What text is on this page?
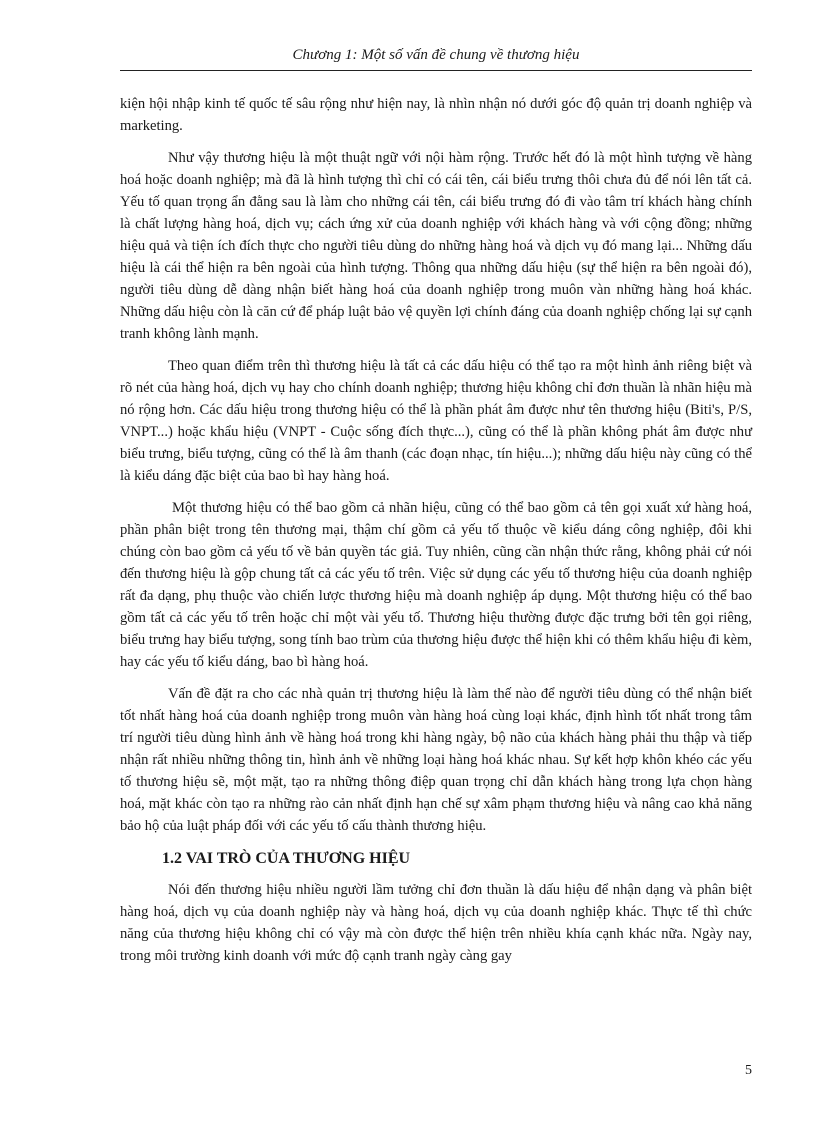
Chương 1: Một số vấn đề chung về thương hiệu

kiện hội nhập kinh tế quốc tế sâu rộng như hiện nay, là nhìn nhận nó dưới góc độ quản trị doanh nghiệp và marketing.

Như vậy thương hiệu là một thuật ngữ với nội hàm rộng. Trước hết đó là một hình tượng về hàng hoá hoặc doanh nghiệp; mà đã là hình tượng thì chỉ có cái tên, cái biểu trưng thôi chưa đủ để nói lên tất cả. Yếu tố quan trọng ẩn đằng sau là làm cho những cái tên, cái biểu trưng đó đi vào tâm trí khách hàng chính là chất lượng hàng hoá, dịch vụ; cách ứng xử của doanh nghiệp với khách hàng và với cộng đồng; những hiệu quả và tiện ích đích thực cho người tiêu dùng do những hàng hoá và dịch vụ đó mang lại... Những dấu hiệu là cái thể hiện ra bên ngoài của hình tượng. Thông qua những dấu hiệu (sự thể hiện ra bên ngoài đó), người tiêu dùng dễ dàng nhận biết hàng hoá của doanh nghiệp trong muôn vàn những hàng hoá khác. Những dấu hiệu còn là căn cứ để pháp luật bảo vệ quyền lợi chính đáng của doanh nghiệp chống lại sự cạnh tranh không lành mạnh.

Theo quan điểm trên thì thương hiệu là tất cả các dấu hiệu có thể tạo ra một hình ảnh riêng biệt và rõ nét của hàng hoá, dịch vụ hay cho chính doanh nghiệp; thương hiệu không chỉ đơn thuần là nhãn hiệu mà nó rộng hơn. Các dấu hiệu trong thương hiệu có thể là phần phát âm được như tên thương hiệu (Biti's, P/S, VNPT...) hoặc khẩu hiệu (VNPT - Cuộc sống đích thực...), cũng có thể là phần không phát âm được như biểu trưng, biểu tượng, cũng có thể là âm thanh (các đoạn nhạc, tín hiệu...); những dấu hiệu này cũng có thể là kiểu dáng đặc biệt của bao bì hay hàng hoá.

Một thương hiệu có thể bao gồm cả nhãn hiệu, cũng có thể bao gồm cả tên gọi xuất xứ hàng hoá, phần phân biệt trong tên thương mại, thậm chí gồm cả yếu tố thuộc về kiểu dáng công nghiệp, đôi khi chúng còn bao gồm cả yếu tố về bản quyền tác giả. Tuy nhiên, cũng cần nhận thức rằng, không phải cứ nói đến thương hiệu là gộp chung tất cả các yếu tố trên. Việc sử dụng các yếu tố thương hiệu của doanh nghiệp rất đa dạng, phụ thuộc vào chiến lược thương hiệu mà doanh nghiệp áp dụng. Một thương hiệu có thể bao gồm tất cả các yếu tố trên hoặc chỉ một vài yếu tố. Thương hiệu thường được đặc trưng bởi tên gọi riêng, biểu trưng hay biểu tượng, song tính bao trùm của thương hiệu được thể hiện khi có thêm khẩu hiệu đi kèm, hay các yếu tố kiểu dáng, bao bì hàng hoá.

Vấn đề đặt ra cho các nhà quản trị thương hiệu là làm thế nào để người tiêu dùng có thể nhận biết tốt nhất hàng hoá của doanh nghiệp trong muôn vàn hàng hoá cùng loại khác, định hình tốt nhất trong tâm trí người tiêu dùng hình ảnh về hàng hoá trong khi hàng ngày, bộ não của khách hàng phải thu thập và tiếp nhận rất nhiều những thông tin, hình ảnh về những loại hàng hoá khác nhau. Sự kết hợp khôn khéo các yếu tố thương hiệu sẽ, một mặt, tạo ra những thông điệp quan trọng chỉ dẫn khách hàng trong lựa chọn hàng hoá, mặt khác còn tạo ra những rào cản nhất định hạn chế sự xâm phạm thương hiệu và nâng cao khả năng bảo hộ của luật pháp đối với các yếu tố cấu thành thương hiệu.

1.2 VAI TRÒ CỦA THƯƠNG HIỆU

Nói đến thương hiệu nhiều người lầm tưởng chỉ đơn thuần là dấu hiệu để nhận dạng và phân biệt hàng hoá, dịch vụ của doanh nghiệp này và hàng hoá, dịch vụ của doanh nghiệp khác. Thực tế thì chức năng của thương hiệu không chỉ có vậy mà còn được thể hiện trên nhiều khía cạnh khác nữa. Ngày nay, trong môi trường kinh doanh với mức độ cạnh tranh ngày càng gay

5
